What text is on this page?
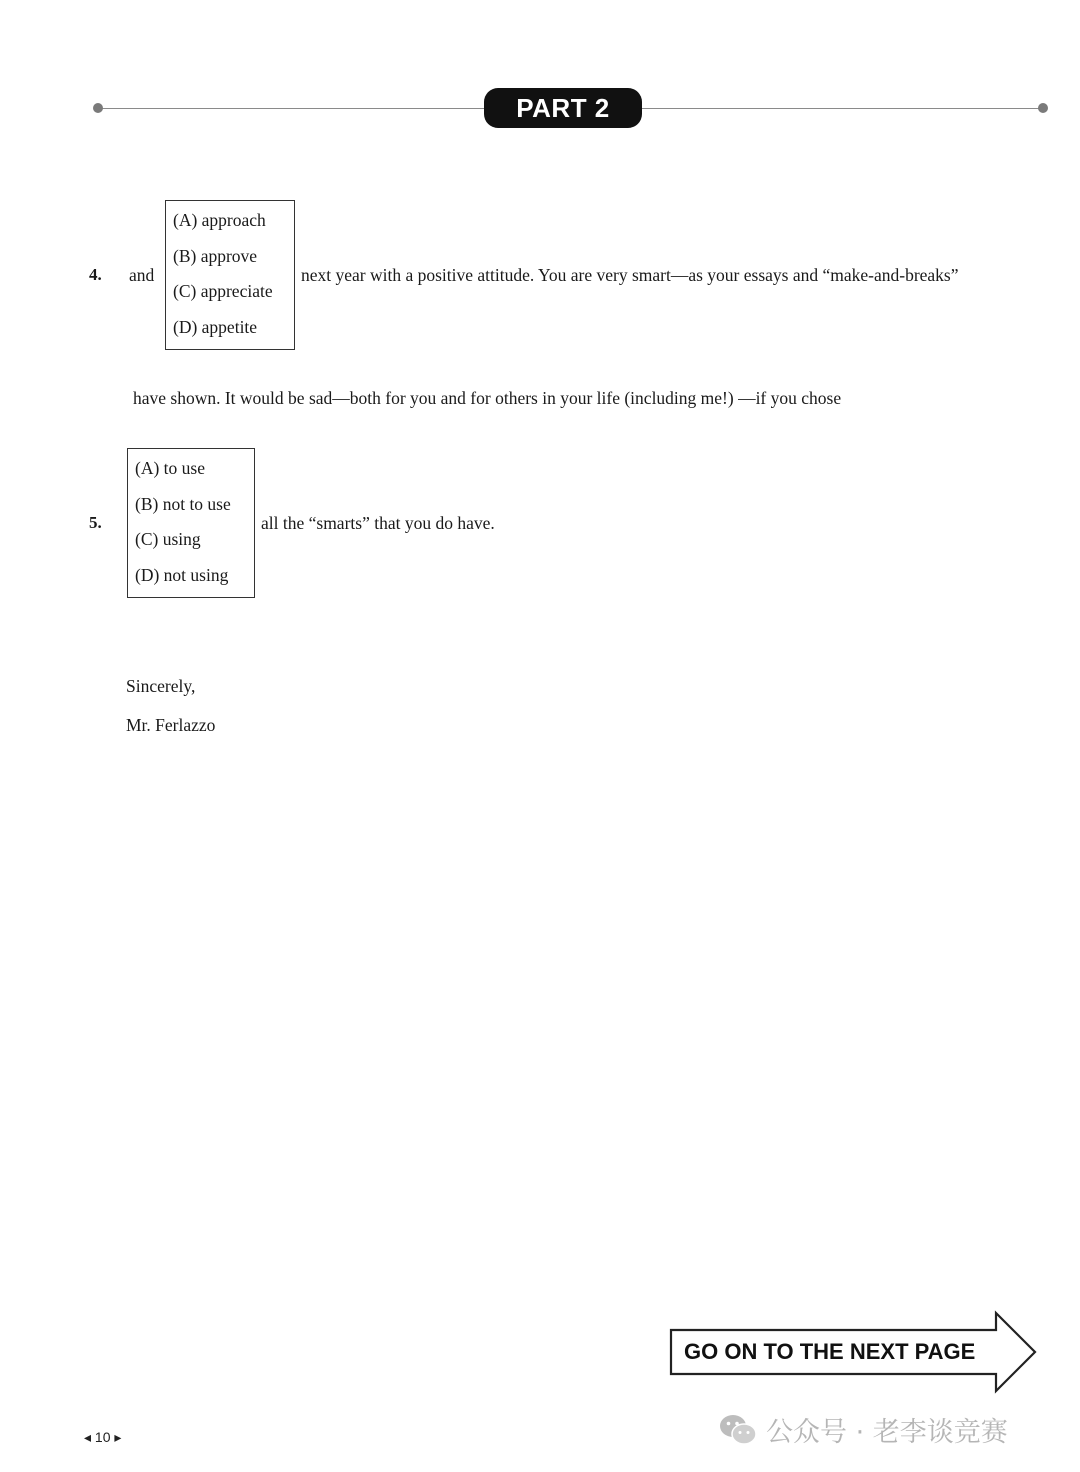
PART 2
4. and
(A) approach
(B) approve
(C) appreciate
(D) appetite
next year with a positive attitude. You are very smart—as your essays and “make-and-breaks”
have shown. It would be sad—both for you and for others in your life (including me!) —if you chose
5.
(A) to use
(B) not to use
(C) using
(D) not using
all the “smarts” that you do have.
Sincerely,
Mr. Ferlazzo
GO ON TO THE NEXT PAGE
◂ 10 ▸	公众号 · 老李谈竞赛
